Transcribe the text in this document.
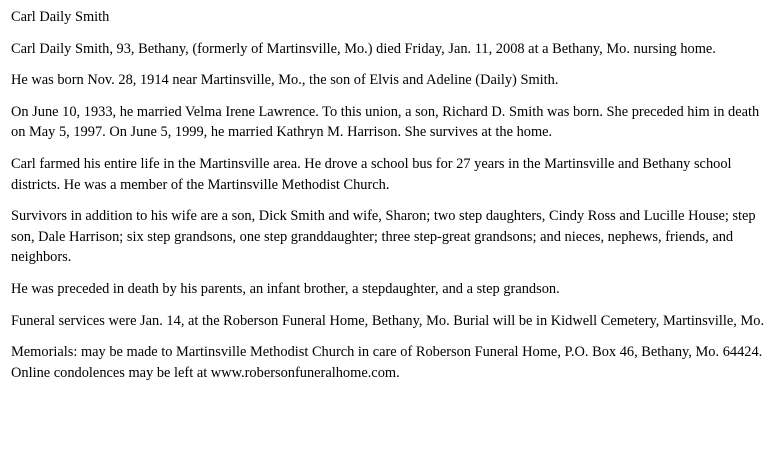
Carl Daily Smith

Carl Daily Smith, 93, Bethany, (formerly of Martinsville, Mo.) died Friday, Jan. 11, 2008 at a Bethany, Mo. nursing home.

He was born Nov. 28, 1914 near Martinsville, Mo., the son of Elvis and Adeline (Daily) Smith.

On June 10, 1933, he married Velma Irene Lawrence. To this union, a son, Richard D. Smith was born. She preceded him in death on May 5, 1997. On June 5, 1999, he married Kathryn M. Harrison. She survives at the home.

Carl farmed his entire life in the Martinsville area. He drove a school bus for 27 years in the Martinsville and Bethany school districts. He was a member of the Martinsville Methodist Church.

Survivors in addition to his wife are a son, Dick Smith and wife, Sharon; two step daughters, Cindy Ross and Lucille House; step son, Dale Harrison; six step grandsons, one step granddaughter; three step-great grandsons; and nieces, nephews, friends, and neighbors.

He was preceded in death by his parents, an infant brother, a stepdaughter, and a step grandson.

Funeral services were Jan. 14, at the Roberson Funeral Home, Bethany, Mo. Burial will be in Kidwell Cemetery, Martinsville, Mo.

Memorials: may be made to Martinsville Methodist Church in care of Roberson Funeral Home, P.O. Box 46, Bethany, Mo. 64424. Online condolences may be left at www.robersonfuneralhome.com.
